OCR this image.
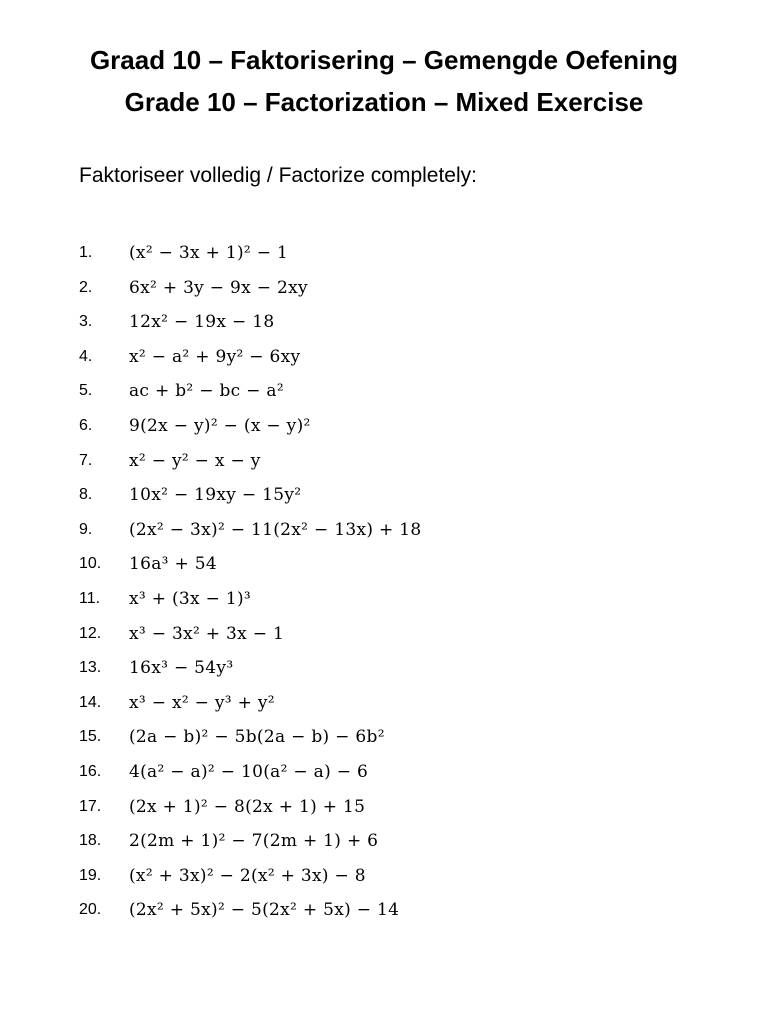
Graad 10 – Faktorisering – Gemengde Oefening
Grade 10 – Factorization – Mixed Exercise

Faktoriseer volledig / Factorize completely:

1.	(x² − 3x + 1)² − 1
2.	6x² + 3y − 9x − 2xy
3.	12x² − 19x − 18
4.	x² − a² + 9y² − 6xy
5.	ac + b² − bc − a²
6.	9(2x − y)² − (x − y)²
7.	x² − y² − x − y
8.	10x² − 19xy − 15y²
9.	(2x² − 3x)² − 11(2x² − 13x) + 18
10.	16a³ + 54
11.	x³ + (3x − 1)³
12.	x³ − 3x² + 3x − 1
13.	16x³ − 54y³
14.	x³ − x² − y³ + y²
15.	(2a − b)² − 5b(2a − b) − 6b²
16.	4(a² − a)² − 10(a² − a) − 6
17.	(2x + 1)² − 8(2x + 1) + 15
18.	2(2m + 1)² − 7(2m + 1) + 6
19.	(x² + 3x)² − 2(x² + 3x) − 8
20.	(2x² + 5x)² − 5(2x² + 5x) − 14
